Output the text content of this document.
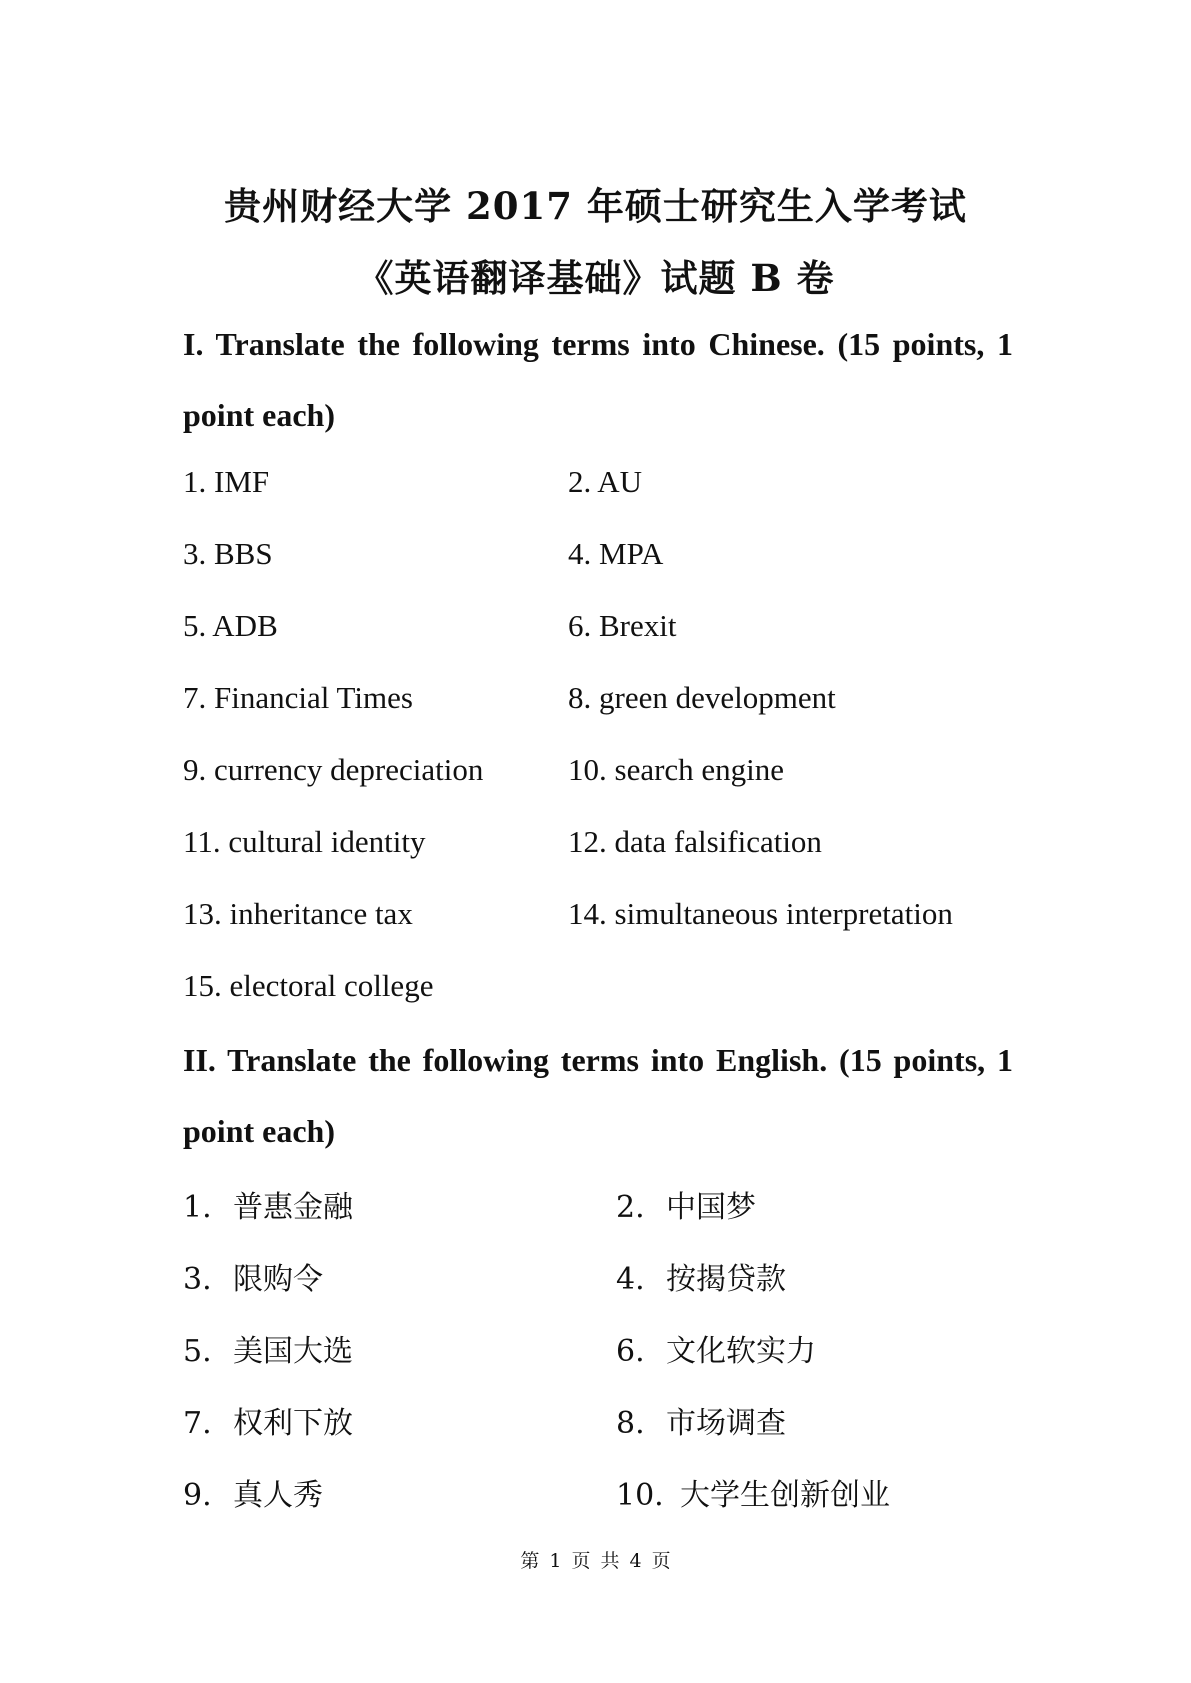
贵州财经大学 2017 年硕士研究生入学考试
《英语翻译基础》试题 B 卷
I. Translate the following terms into Chinese. (15 points, 1
point each)
1. IMF	2. AU
3. BBS	4. MPA
5. ADB	6. Brexit
7. Financial Times	8. green development
9. currency depreciation	10. search engine
11. cultural identity	12. data falsification
13. inheritance tax	14. simultaneous interpretation
15. electoral college
II. Translate the following terms into English. (15 points, 1
point each)
1. 普惠金融	2. 中国梦
3. 限购令	4. 按揭贷款
5. 美国大选	6. 文化软实力
7. 权利下放	8. 市场调查
9. 真人秀	10. 大学生创新创业
第 1 页 共 4 页
